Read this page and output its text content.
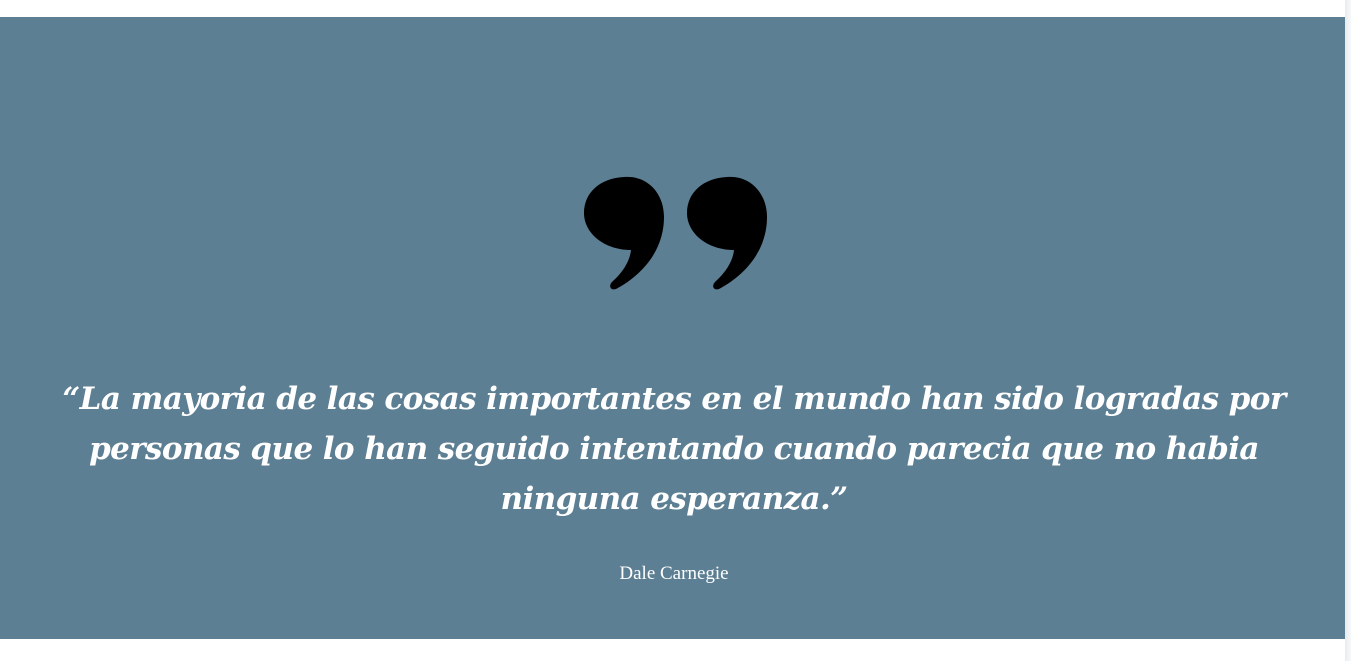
“La mayoria de las cosas importantes en el mundo han sido logradas por personas que lo han seguido intentando cuando parecia que no habia ninguna esperanza.”

Dale Carnegie
